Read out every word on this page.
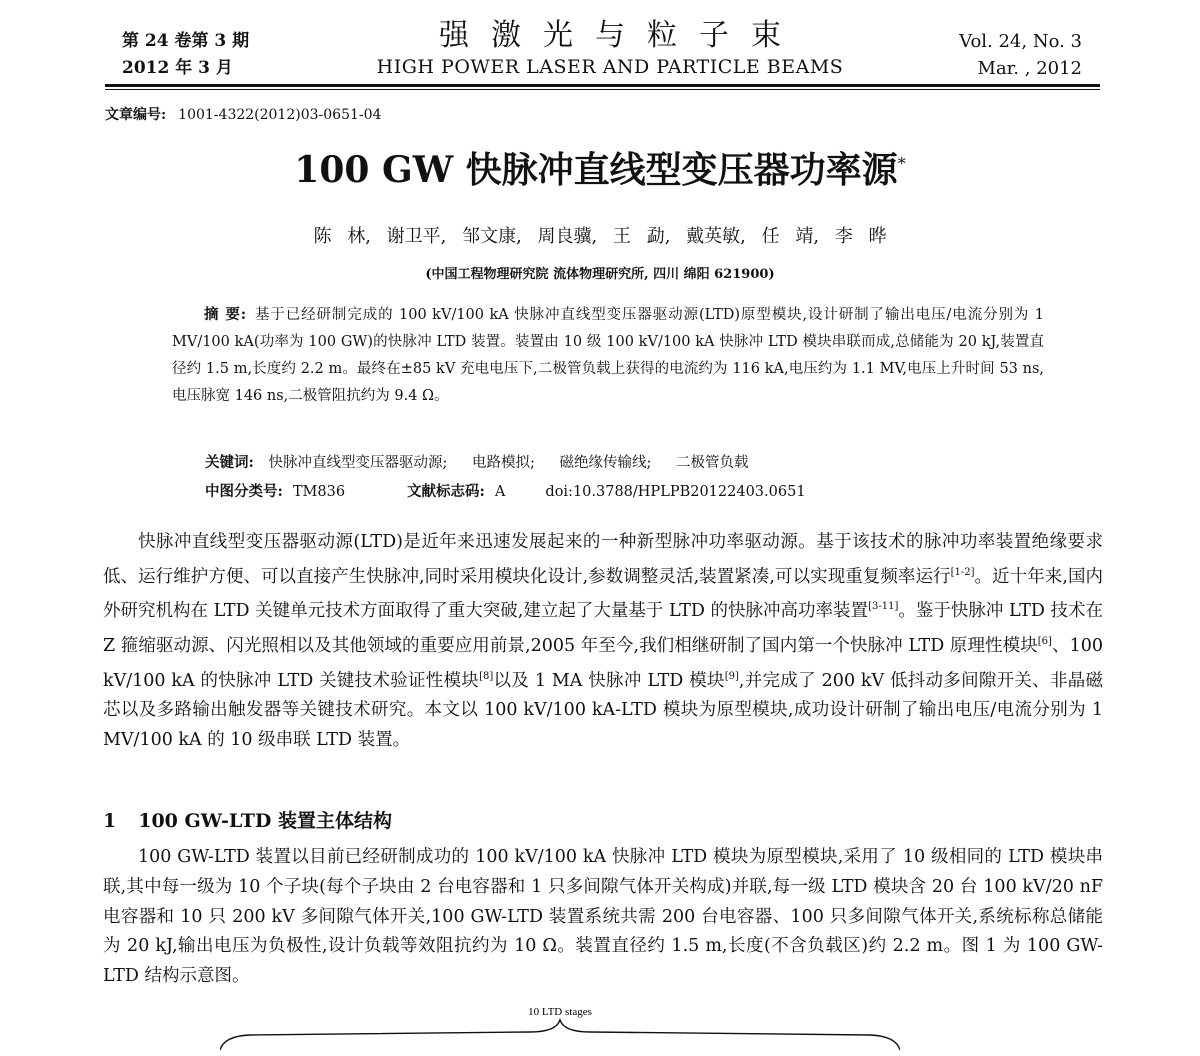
第 24 卷第 3 期
2012 年 3 月
强激光与粒子束
HIGH POWER LASER AND PARTICLE BEAMS
Vol. 24, No. 3
Mar. , 2012
文章编号: 1001-4322(2012)03-0651-04
100 GW 快脉冲直线型变压器功率源*
陈 林, 谢卫平, 邹文康, 周良骥, 王 勐, 戴英敏, 任 靖, 李 晔
(中国工程物理研究院 流体物理研究所, 四川 绵阳 621900)
摘 要: 基于已经研制完成的 100 kV/100 kA 快脉冲直线型变压器驱动源(LTD)原型模块,设计研制了输出电压/电流分别为 1 MV/100 kA(功率为 100 GW)的快脉冲 LTD 装置。装置由 10 级 100 kV/100 kA 快脉冲 LTD 模块串联而成,总储能为 20 kJ,装置直径约 1.5 m,长度约 2.2 m。最终在±85 kV 充电电压下,二极管负载上获得的电流约为 116 kA,电压约为 1.1 MV,电压上升时间 53 ns,电压脉宽 146 ns,二极管阻抗约为 9.4 Ω。
关键词: 快脉冲直线型变压器驱动源; 电路模拟; 磁绝缘传输线; 二极管负载
中图分类号: TM836	文献标志码: A	doi:10.3788/HPLPB20122403.0651

快脉冲直线型变压器驱动源(LTD)是近年来迅速发展起来的一种新型脉冲功率驱动源。基于该技术的脉冲功率装置绝缘要求低、运行维护方便、可以直接产生快脉冲,同时采用模块化设计,参数调整灵活,装置紧凑,可以实现重复频率运行[1-2]。近十年来,国内外研究机构在 LTD 关键单元技术方面取得了重大突破,建立起了大量基于 LTD 的快脉冲高功率装置[3-11]。鉴于快脉冲 LTD 技术在 Z 箍缩驱动源、闪光照相以及其他领域的重要应用前景,2005 年至今,我们相继研制了国内第一个快脉冲 LTD 原理性模块[6]、100 kV/100 kA 的快脉冲 LTD 关键技术验证性模块[8]以及 1 MA 快脉冲 LTD 模块[9],并完成了 200 kV 低抖动多间隙开关、非晶磁芯以及多路输出触发器等关键技术研究。本文以 100 kV/100 kA-LTD 模块为原型模块,成功设计研制了输出电压/电流分别为 1 MV/100 kA 的 10 级串联 LTD 装置。

1 100 GW-LTD 装置主体结构

100 GW-LTD 装置以目前已经研制成功的 100 kV/100 kA 快脉冲 LTD 模块为原型模块,采用了 10 级相同的 LTD 模块串联,其中每一级为 10 个子块(每个子块由 2 台电容器和 1 只多间隙气体开关构成)并联,每一级 LTD 模块含 20 台 100 kV/20 nF 电容器和 10 只 200 kV 多间隙气体开关,100 GW-LTD 装置系统共需 200 台电容器、100 只多间隙气体开关,系统标称总储能为 20 kJ,输出电压为负极性,设计负载等效阻抗约为 10 Ω。装置直径约 1.5 m,长度(不含负载区)约 2.2 m。图 1 为 100 GW-LTD 结构示意图。

10 LTD stages
